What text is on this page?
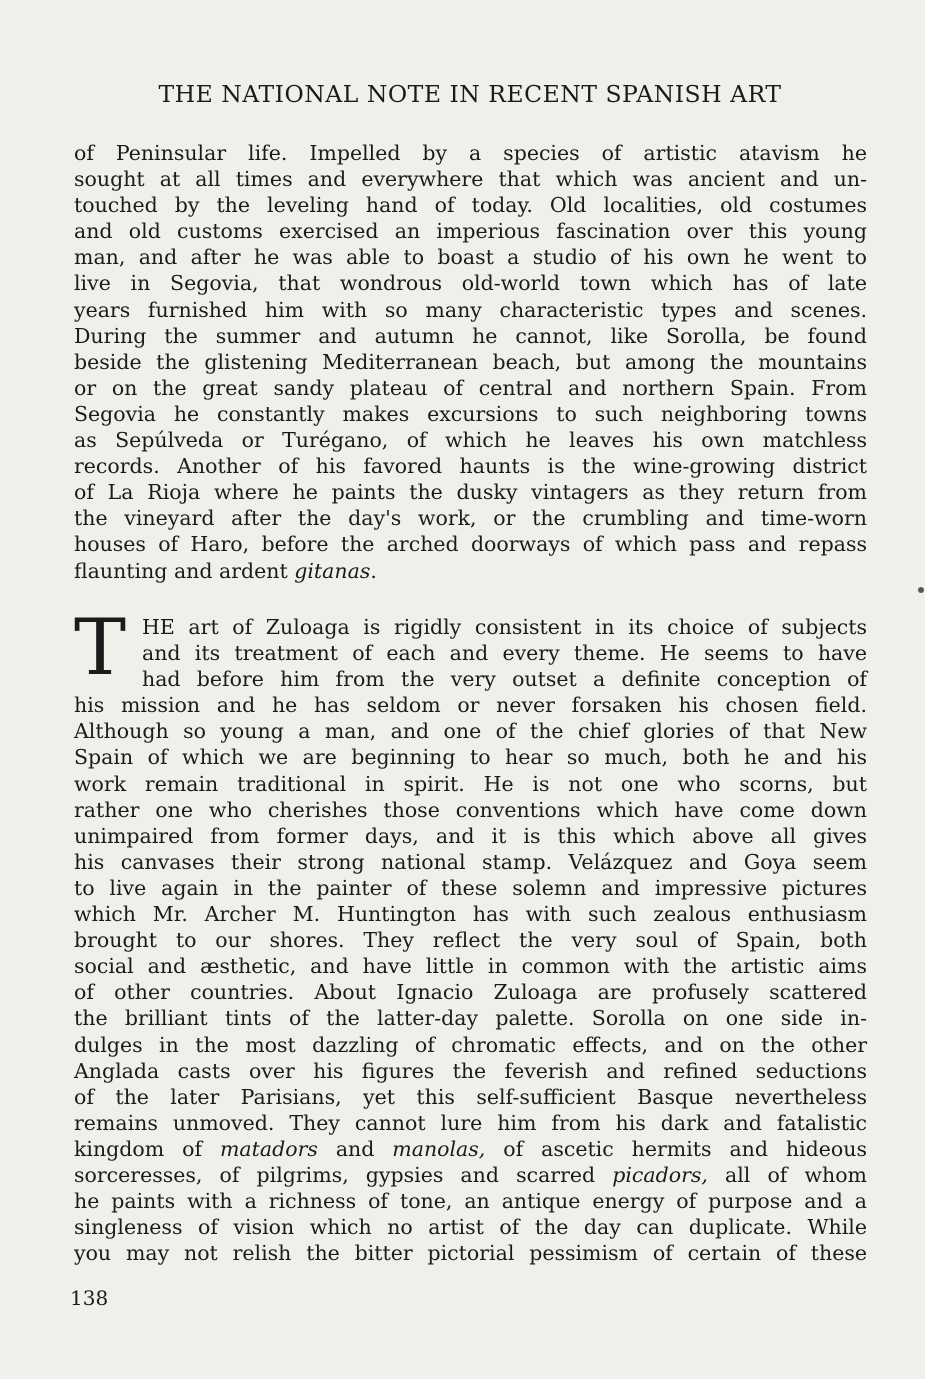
THE NATIONAL NOTE IN RECENT SPANISH ART
of Peninsular life. Impelled by a species of artistic atavism he
sought at all times and everywhere that which was ancient and un-
touched by the leveling hand of today. Old localities, old costumes
and old customs exercised an imperious fascination over this young
man, and after he was able to boast a studio of his own he went to
live in Segovia, that wondrous old-world town which has of late
years furnished him with so many characteristic types and scenes.
During the summer and autumn he cannot, like Sorolla, be found
beside the glistening Mediterranean beach, but among the mountains
or on the great sandy plateau of central and northern Spain. From
Segovia he constantly makes excursions to such neighboring towns
as Sepúlveda or Turégano, of which he leaves his own matchless
records. Another of his favored haunts is the wine-growing district
of La Rioja where he paints the dusky vintagers as they return from
the vineyard after the day's work, or the crumbling and time-worn
houses of Haro, before the arched doorways of which pass and repass
flaunting and ardent gitanas.
T HE art of Zuloaga is rigidly consistent in its choice of subjects
and its treatment of each and every theme. He seems to have
had before him from the very outset a definite conception of
his mission and he has seldom or never forsaken his chosen field.
Although so young a man, and one of the chief glories of that New
Spain of which we are beginning to hear so much, both he and his
work remain traditional in spirit. He is not one who scorns, but
rather one who cherishes those conventions which have come down
unimpaired from former days, and it is this which above all gives
his canvases their strong national stamp. Velázquez and Goya seem
to live again in the painter of these solemn and impressive pictures
which Mr. Archer M. Huntington has with such zealous enthusiasm
brought to our shores. They reflect the very soul of Spain, both
social and æsthetic, and have little in common with the artistic aims
of other countries. About Ignacio Zuloaga are profusely scattered
the brilliant tints of the latter-day palette. Sorolla on one side in-
dulges in the most dazzling of chromatic effects, and on the other
Anglada casts over his figures the feverish and refined seductions
of the later Parisians, yet this self-sufficient Basque nevertheless
remains unmoved. They cannot lure him from his dark and fatalistic
kingdom of matadors and manolas, of ascetic hermits and hideous
sorceresses, of pilgrims, gypsies and scarred picadors, all of whom
he paints with a richness of tone, an antique energy of purpose and a
singleness of vision which no artist of the day can duplicate. While
you may not relish the bitter pictorial pessimism of certain of these
138
